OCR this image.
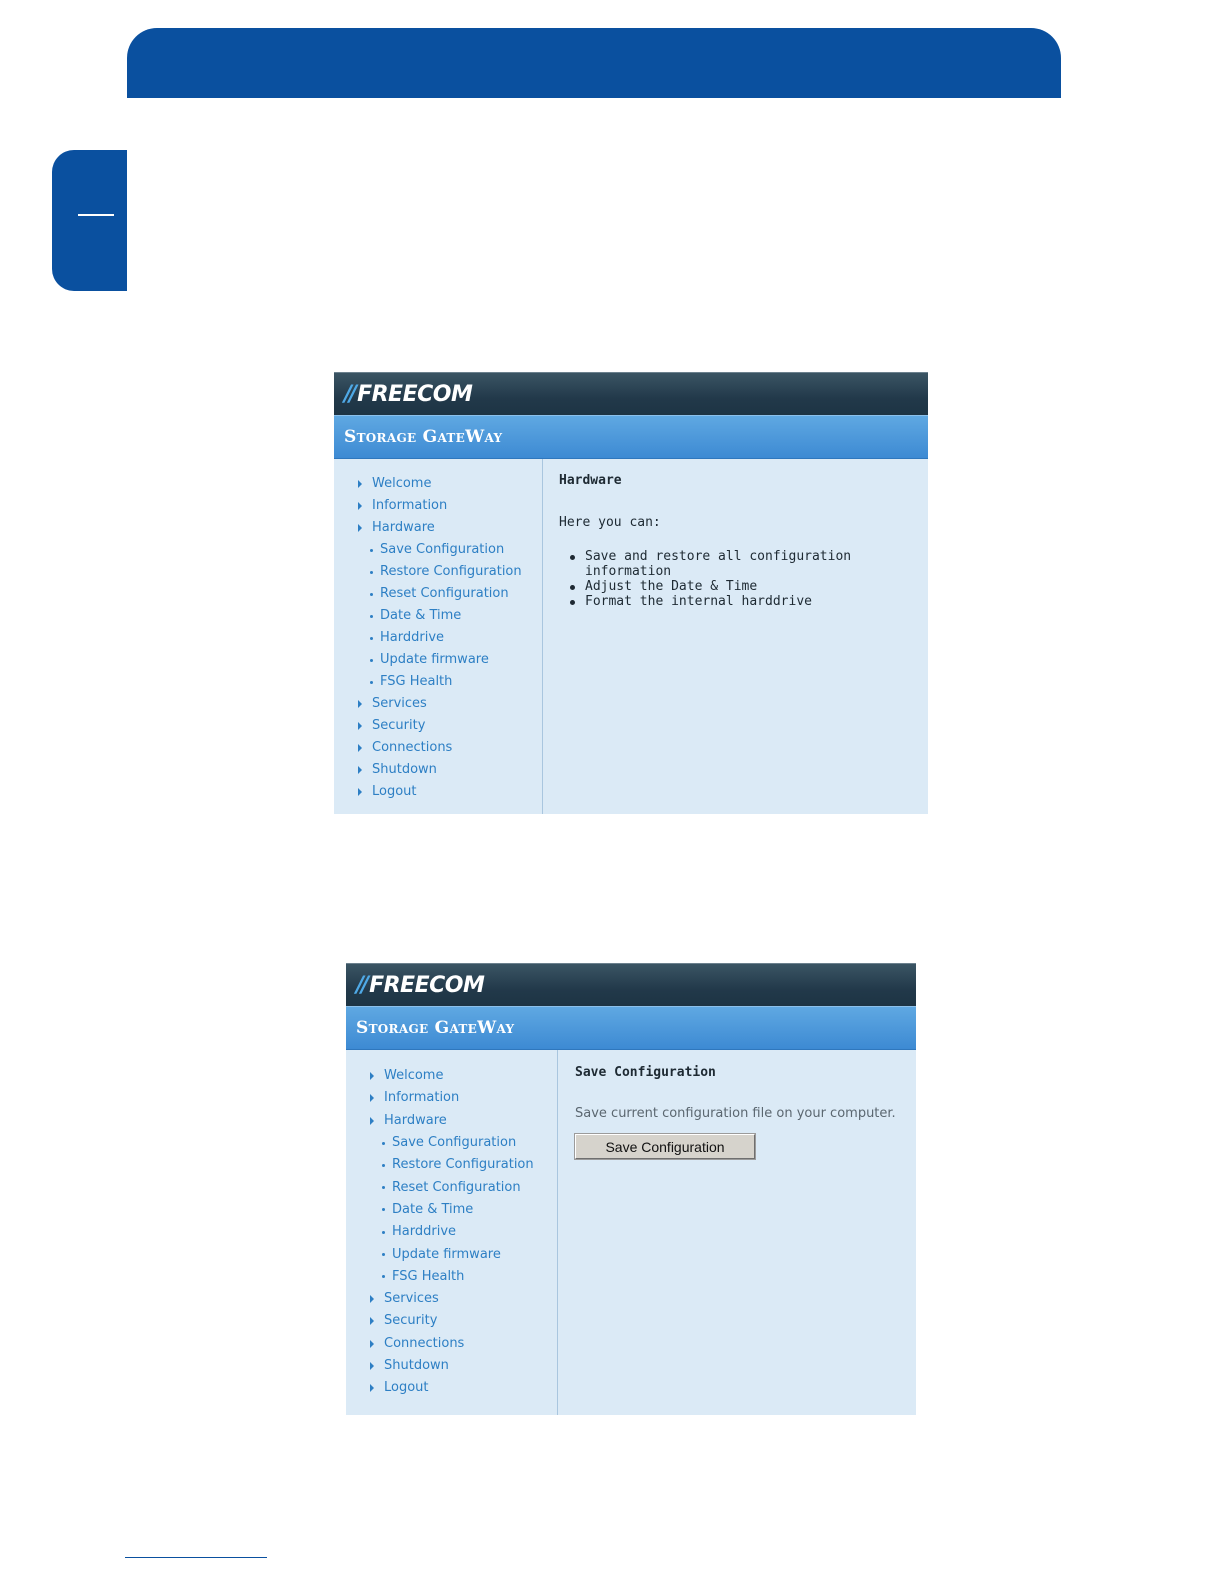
// FREECOM
Storage GateWay
Welcome
Information
Hardware
Save Configuration
Restore Configuration
Reset Configuration
Date & Time
Harddrive
Update firmware
FSG Health
Services
Security
Connections
Shutdown
Logout
Hardware
Here you can:
Save and restore all configuration information
Adjust the Date & Time
Format the internal harddrive
// FREECOM
Storage GateWay
Welcome
Information
Hardware
Save Configuration
Restore Configuration
Reset Configuration
Date & Time
Harddrive
Update firmware
FSG Health
Services
Security
Connections
Shutdown
Logout
Save Configuration
Save current configuration file on your computer.
Save Configuration
